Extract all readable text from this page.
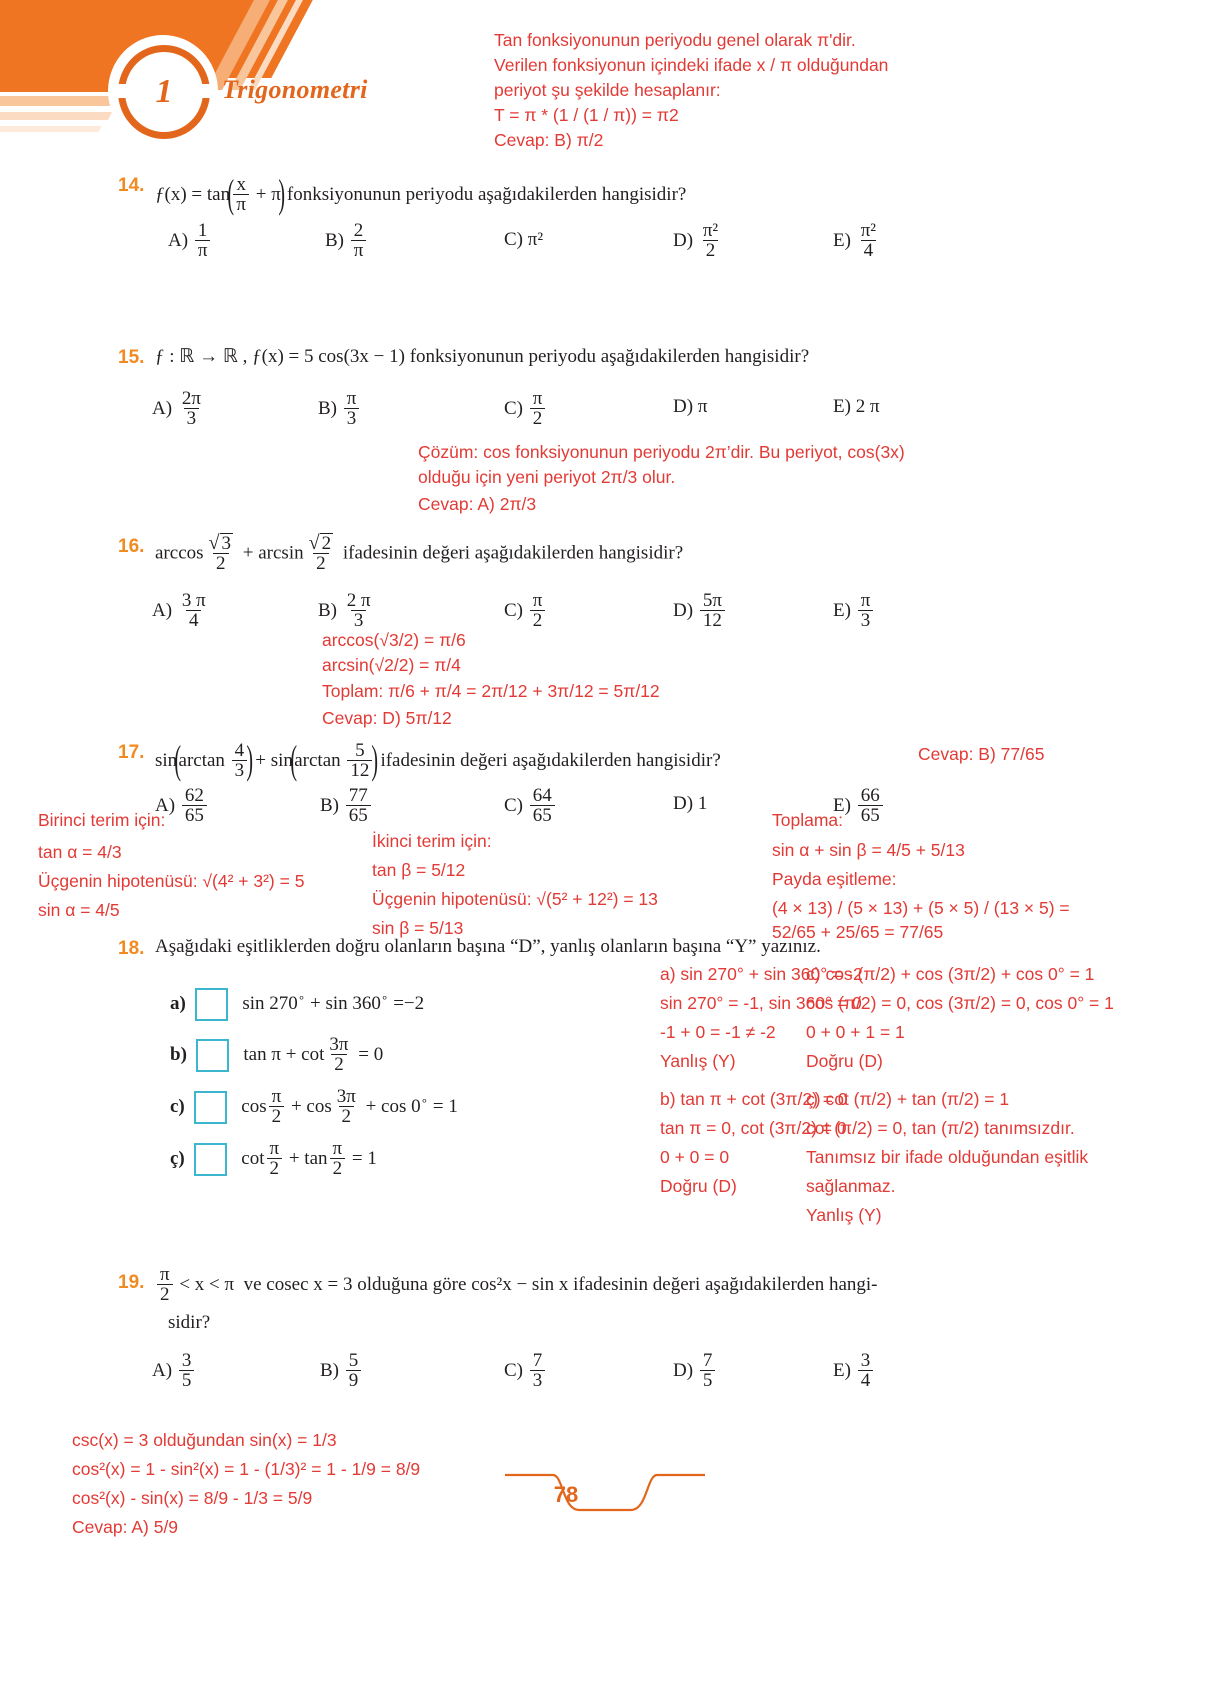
1	Trigonometri
Tan fonksiyonunun periyodu genel olarak π'dir.
Verilen fonksiyonun içindeki ifade x / π olduğundan
periyot şu şekilde hesaplanır:
T = π * (1 / (1 / π)) = π2
Cevap: B) π/2
14. ƒ(x) = $\tan( \frac{x}{\pi} + \pi)$ fonksiyonunun periyodu aşağıdakilerden hangisidir?
$A) \frac{1}{\pi}$	$B) \frac{2}{\pi}$	C) π²	$D) \frac{\text{π²}}{2}$	$E) \frac{\text{π²}}{4}$
15. ƒ : ℝ → ℝ , ƒ(x) = 5 cos(3x − 1) fonksiyonunun periyodu aşağıdakilerden hangisidir?
$A) \frac{2\pi}{3}$	$B) \frac{\pi}{3}$	$C) \frac{\pi}{2}$	D) π	E) 2 π
Çözüm: cos fonksiyonunun periyodu 2π’dir. Bu periyot, cos(3x)
olduğu için yeni periyot 2π/3 olur.
Cevap: A) 2π/3
16. $\arccos \frac{√ 3}{2} + \arcsin \frac{√ 2}{2}$ ifadesinin değeri aşağıdakilerden hangisidir?
$A) \frac{3 \pi}{4}$	$B) \frac{2 \pi}{3}$	$C) \frac{\pi}{2}$	$D) \frac{5\pi}{12}$	$E) \frac{\pi}{3}$
arccos(√3/2) = π/6
arcsin(√2/2) = π/4
Toplam: π/6 + π/4 = 2π/12 + 3π/12 = 5π/12
Cevap: D) 5π/12
17. $\sin(\arctan \frac{4}{3}$ ) + $\sin(\arctan \frac{5}{12}$ ) ifadesinin değeri aşağıdakilerden hangisidir?	Cevap: B) 77/65
$A) \frac{62}{65}$	$B) \frac{77}{65}$	$C) \frac{64}{65}$	D) 1	$E) \frac{66}{65}$
Birinci terim için:
tan α = 4/3
Üçgenin hipotenüsü: √(4² + 3²) = 5
sin α = 4/5
İkinci terim için:
tan β = 5/12
Üçgenin hipotenüsü: √(5² + 12²) = 13
sin β = 5/13
Toplama:
sin α + sin β = 4/5 + 5/13
Payda eşitleme:
(4 × 13) / (5 × 13) + (5 × 5) / (13 × 5) =
52/65 + 25/65 = 77/65
18. Aşağıdaki eşitliklerden doğru olanların başına “D”, yanlış olanların başına “Y” yazınız.
a)	sin 270∘ + sin 360∘ =−2
b)	$\tan \pi + \cot \frac{3\pi}{2} = 0$
c)	$\cos \frac{\pi}{2} + \cos \frac{3\pi}{2} + \cos 0^\circ = 1$
ç)	$\cot \frac{\pi}{2} + \tan \frac{\pi}{2} = 1$
a) sin 270° + sin 360° = -2
sin 270° = -1, sin 360° = 0
-1 + 0 = -1 ≠ -2
Yanlış (Y)
b) tan π + cot (3π/2) = 0
tan π = 0, cot (3π/2) = 0
0 + 0 = 0
Doğru (D)
c) cos (π/2) + cos (3π/2) + cos 0° = 1
cos (π/2) = 0, cos (3π/2) = 0, cos 0° = 1
0 + 0 + 1 = 1
Doğru (D)
ç) cot (π/2) + tan (π/2) = 1
cot (π/2) = 0, tan (π/2) tanımsızdır.
Tanımsız bir ifade olduğundan eşitlik
sağlanmaz.
Yanlış (Y)
19. $\frac{\pi}{2} < x < \pi$  ve cosec x = 3 olduğuna göre cos²x − sin x ifadesinin değeri aşağıdakilerden hangi-
sidir?
$A) \frac{3}{5}$	$B) \frac{5}{9}$	$C) \frac{7}{3}$	$D) \frac{7}{5}$	$E) \frac{3}{4}$
csc(x) = 3 olduğundan sin(x) = 1/3
cos²(x) = 1 - sin²(x) = 1 - (1/3)² = 1 - 1/9 = 8/9
cos²(x) - sin(x) = 8/9 - 1/3 = 5/9
Cevap: A) 5/9
78
